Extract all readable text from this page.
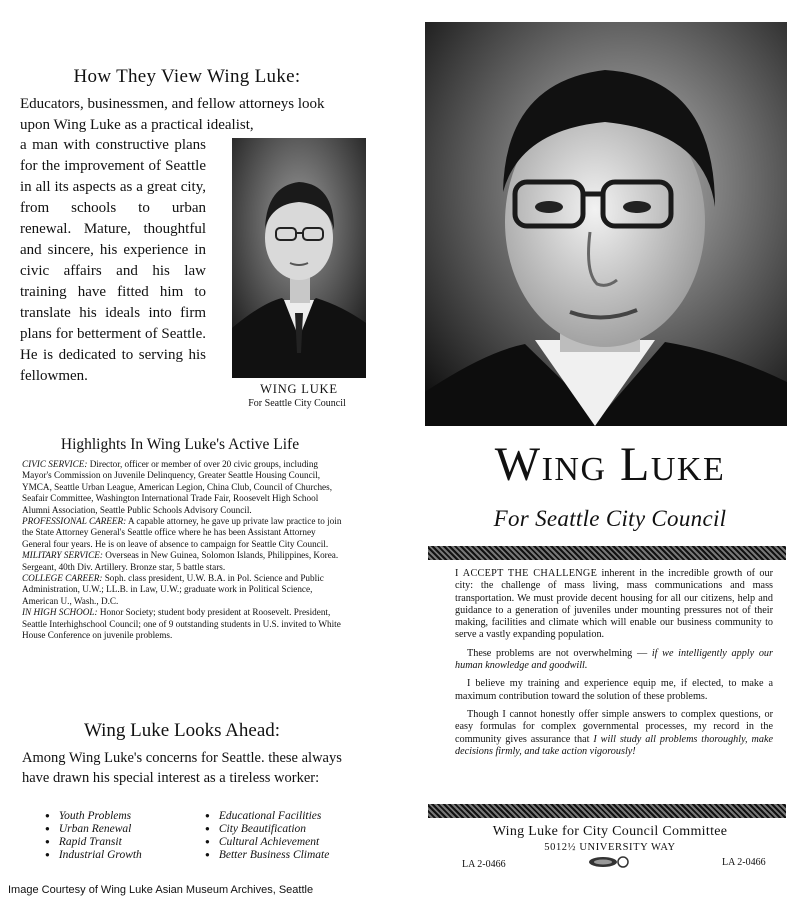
How They View Wing Luke:
Educators, businessmen, and fellow attorneys look upon Wing Luke as a practical idealist,
a man with constructive plans for the improvement of Seattle in all its aspects as a great city, from schools to urban renewal. Mature, thoughtful and sincere, his experience in civic affairs and his law training have fitted him to translate his ideals into firm plans for betterment of Seattle. He is dedicated to serving his fellowmen.
WING LUKE
For Seattle City Council
Highlights In Wing Luke's Active Life

CIVIC SERVICE: Director, officer or member of over 20 civic groups, including Mayor's Commission on Juvenile Delinquency, Greater Seattle Housing Council, YMCA, Seattle Urban League, American Legion, China Club, Council of Churches, Seafair Committee, Washington International Trade Fair, Roosevelt High School Alumni Association, Seattle Public Schools Advisory Council.

PROFESSIONAL CAREER: A capable attorney, he gave up private law practice to join the State Attorney General's Seattle office where he has been Assistant Attorney General four years. He is on leave of absence to campaign for Seattle City Council.

MILITARY SERVICE: Overseas in New Guinea, Solomon Islands, Philippines, Korea. Sergeant, 40th Div. Artillery. Bronze star, 5 battle stars.

COLLEGE CAREER: Soph. class president, U.W. B.A. in Pol. Science and Public Administration, U.W.; LL.B. in Law, U.W.; graduate work in Political Science, American U., Wash., D.C.

IN HIGH SCHOOL: Honor Society; student body president at Roosevelt. President, Seattle Interhighschool Council; one of 9 outstanding students in U.S. invited to White House Conference on juvenile problems.

Wing Luke Looks Ahead:
Among Wing Luke's concerns for Seattle. these always have drawn his special interest as a tireless worker:
● Youth Problems	● Educational Facilities
● Urban Renewal	● City Beautification
● Rapid Transit	● Cultural Achievement
● Industrial Growth	● Better Business Climate
Image Courtesy of Wing Luke Asian Museum Archives, Seattle
Wing Luke
For Seattle City Council

I ACCEPT THE CHALLENGE inherent in the incredible growth of our city: the challenge of mass living, mass communications and mass transportation. We must provide decent housing for all our citizens, help and guidance to a generation of juveniles under mounting pressures not of their making, facilities and climate which will enable our business community to serve a vastly expanding population.

These problems are not overwhelming — if we intelligently apply our human knowledge and goodwill.

I believe my training and experience equip me, if elected, to make a maximum contribution toward the solution of these problems.

Though I cannot honestly offer simple answers to complex questions, or easy formulas for complex governmental processes, my record in the community gives assurance that I will study all problems thoroughly, make decisions firmly, and take action vigorously!

Wing Luke for City Council Committee
5012½ UNIVERSITY WAY
LA 2-0466	LA 2-0466
